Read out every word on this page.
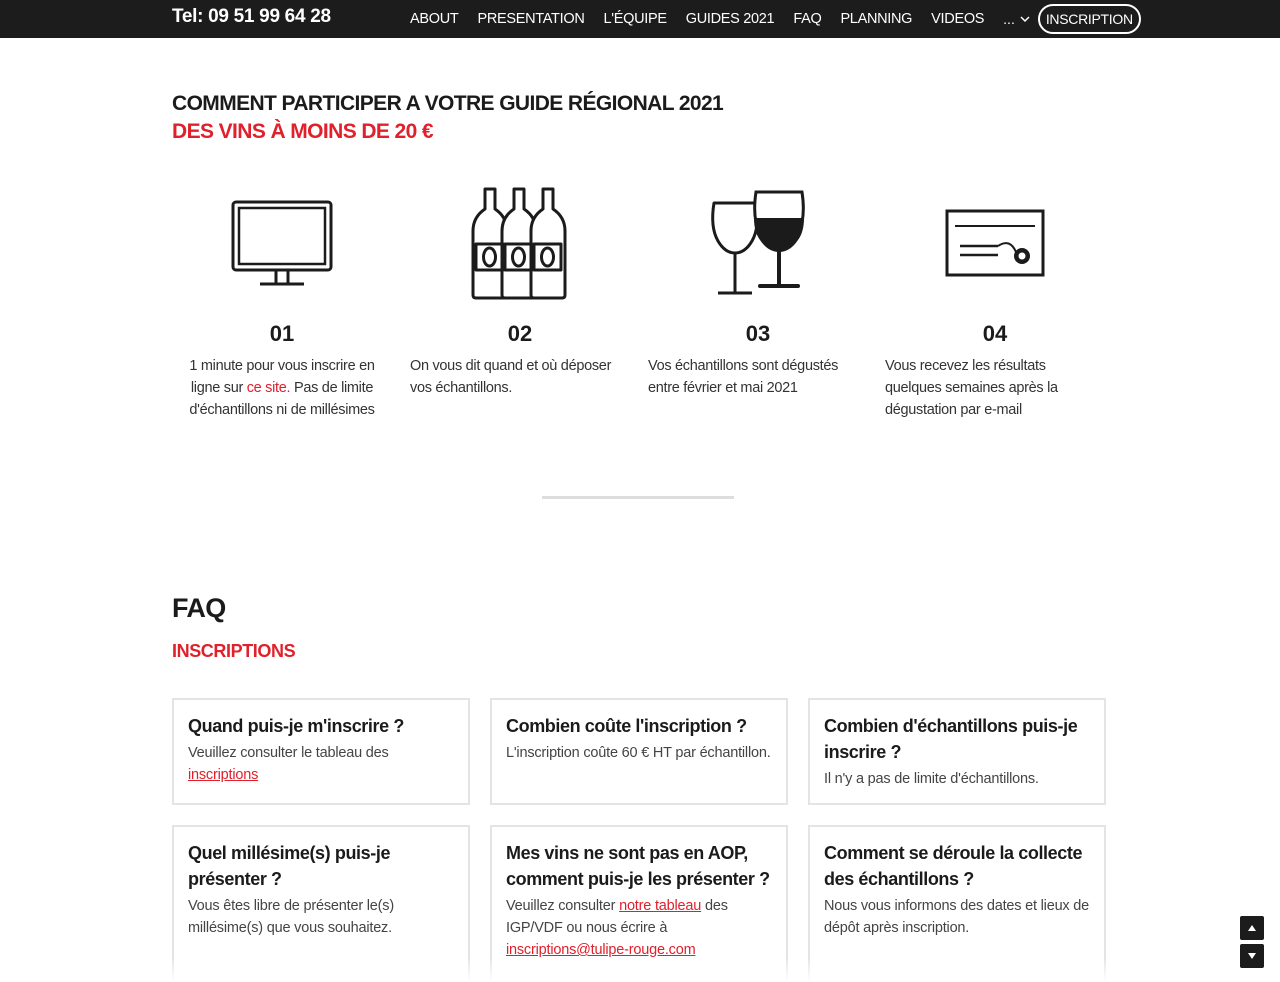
Tel: 09 51 99 64 28	ABOUT PRESENTATION L'ÉQUIPE GUIDES 2021 FAQ PLANNING VIDEOS ...	INSCRIPTION
COMMENT PARTICIPER A VOTRE GUIDE RÉGIONAL 2021
DES VINS À MOINS DE 20 €
01
1 minute pour vous inscrire en
ligne sur ce site. Pas de limite
d'échantillons ni de millésimes
02
On vous dit quand et où déposer
vos échantillons.
03
Vos échantillons sont dégustés
entre février et mai 2021
04
Vous recevez les résultats
quelques semaines après la
dégustation par e-mail
FAQ
INSCRIPTIONS
Quand puis-je m'inscrire ?

Veuillez consulter le tableau des inscriptions

Combien coûte l'inscription ?

L'inscription coûte 60 € HT par échantillon.

Combien d'échantillons puis-je inscrire ?

Il n'y a pas de limite d'échantillons.

Quel millésime(s) puis-je présenter ?

Vous êtes libre de présenter le(s) millésime(s) que vous souhaitez.

Mes vins ne sont pas en AOP, comment puis-je les présenter ?

Veuillez consulter notre tableau des IGP/VDF ou nous écrire à inscriptions@tulipe-rouge.com

Comment se déroule la collecte des échantillons ?

Nous vous informons des dates et lieux de dépôt après inscription.
